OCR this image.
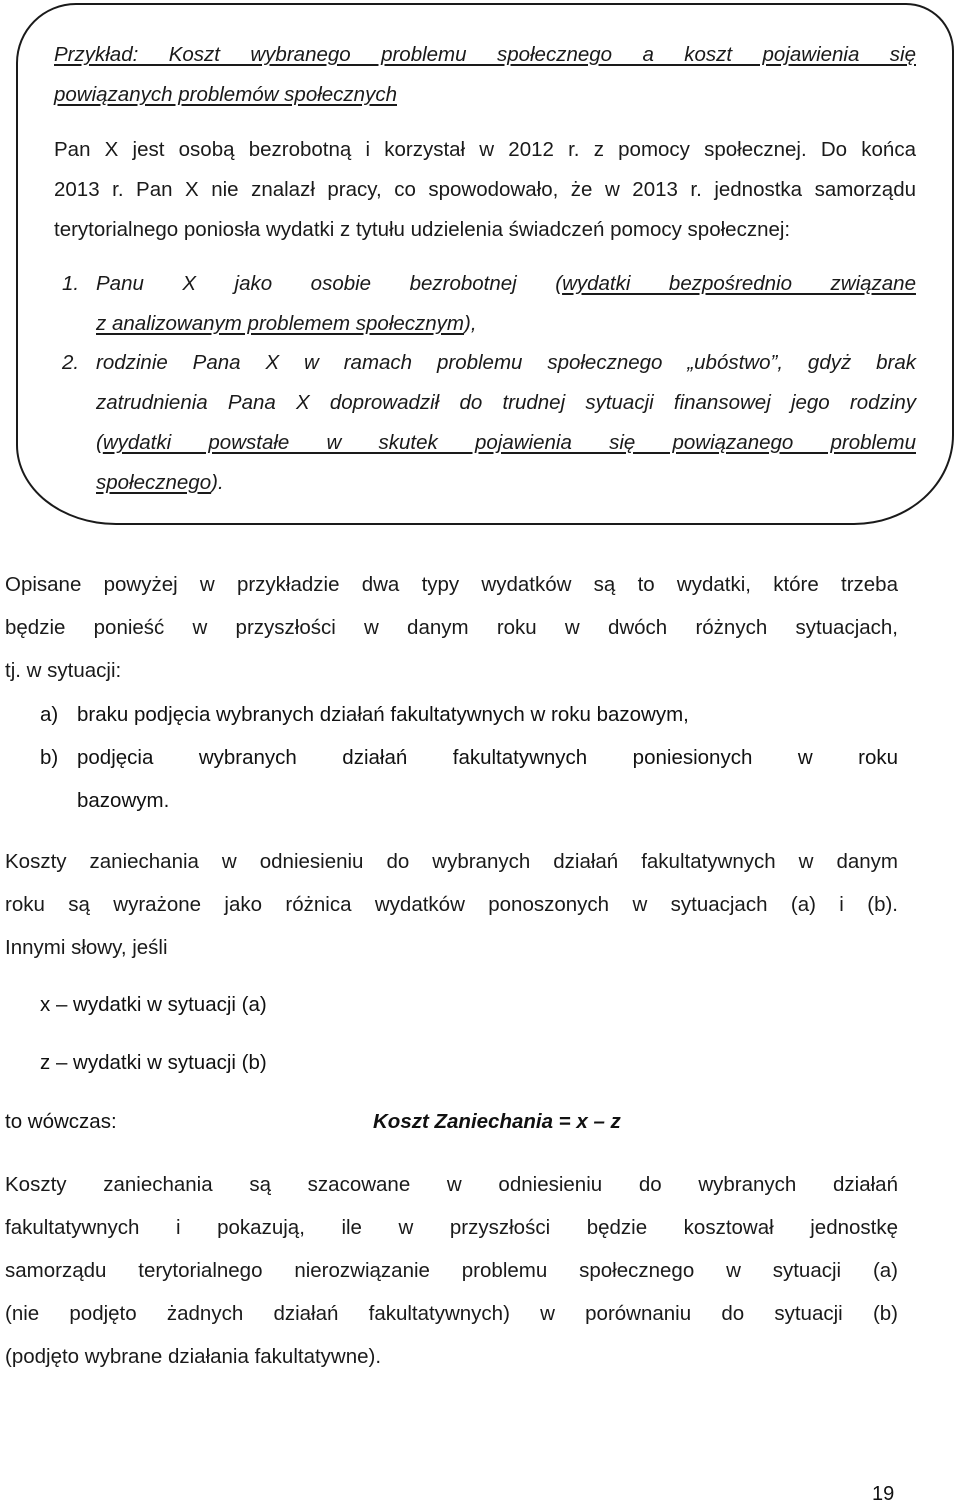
Przykład: Koszt wybranego problemu społecznego a koszt pojawienia się
powiązanych problemów społecznych
Pan X jest osobą bezrobotną i korzystał w 2012 r. z pomocy społecznej. Do końca
2013 r. Pan X nie znalazł pracy, co spowodowało, że w 2013 r. jednostka samorządu
terytorialnego poniosła wydatki z tytułu udzielenia świadczeń pomocy społecznej:
1. Panu X jako osobie bezrobotnej (wydatki bezpośrednio związane
z analizowanym problemem społecznym),
2. rodzinie Pana X w ramach problemu społecznego „ubóstwo”, gdyż brak
zatrudnienia Pana X doprowadził do trudnej sytuacji finansowej jego rodziny
(wydatki powstałe w skutek pojawienia się powiązanego problemu
społecznego).
Opisane powyżej w przykładzie dwa typy wydatków są to wydatki, które trzeba
będzie ponieść w przyszłości w danym roku w dwóch różnych sytuacjach,
tj. w sytuacji:
a) braku podjęcia wybranych działań fakultatywnych w roku bazowym,
b) podjęcia wybranych działań fakultatywnych poniesionych w roku
bazowym.
Koszty zaniechania w odniesieniu do wybranych działań fakultatywnych w danym
roku są wyrażone jako różnica wydatków ponoszonych w sytuacjach (a) i (b).
Innymi słowy, jeśli
x – wydatki w sytuacji (a)
z – wydatki w sytuacji (b)
to wówczas:	Koszt Zaniechania = x – z
Koszty zaniechania są szacowane w odniesieniu do wybranych działań
fakultatywnych i pokazują, ile w przyszłości będzie kosztował jednostkę
samorządu terytorialnego nierozwiązanie problemu społecznego w sytuacji (a)
(nie podjęto żadnych działań fakultatywnych) w porównaniu do sytuacji (b)
(podjęto wybrane działania fakultatywne).
19
